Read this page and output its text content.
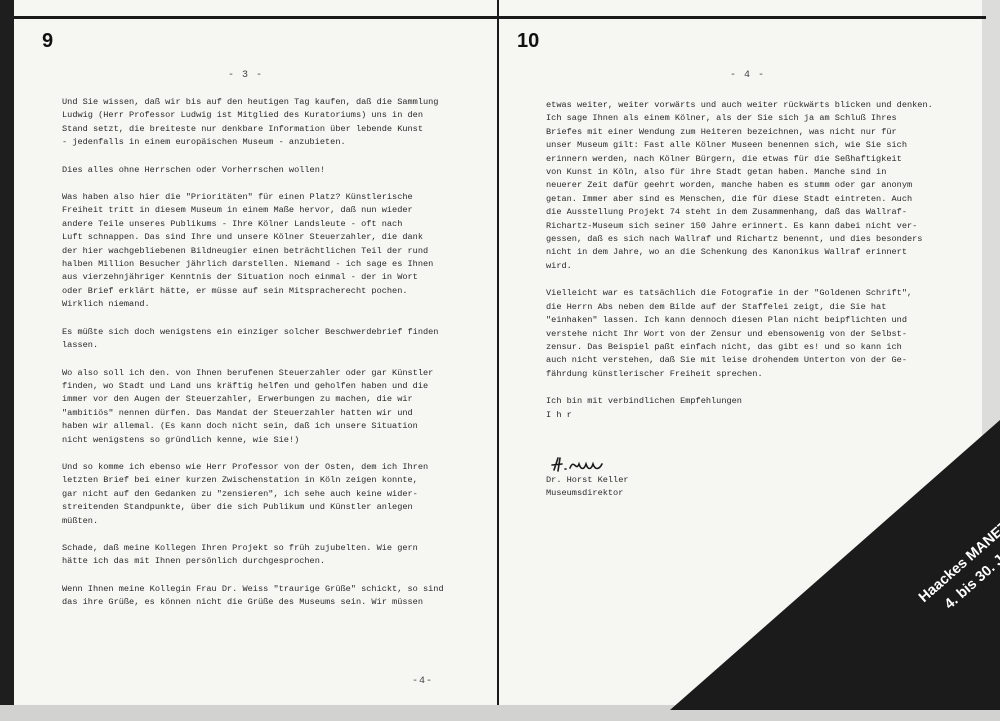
9	10
- 3 -	- 4 -

Und Sie wissen, daß wir bis auf den heutigen Tag kaufen, daß die Sammlung
Ludwig (Herr Professor Ludwig ist Mitglied des Kuratoriums) uns in den
Stand setzt, die breiteste nur denkbare Information über lebende Kunst
- jedenfalls in einem europäischen Museum - anzubieten.

Dies alles ohne Herrschen oder Vorherrschen wollen!

Was haben also hier die "Prioritäten" für einen Platz? Künstlerische
Freiheit tritt in diesem Museum in einem Maße hervor, daß nun wieder
andere Teile unseres Publikums - Ihre Kölner Landsleute - oft nach
Luft schnappen. Das sind Ihre und unsere Kölner Steuerzahler, die dank
der hier wachgebliebenen Bildneugier einen beträchtlichen Teil der rund
halben Million Besucher jährlich darstellen. Niemand - ich sage es Ihnen
aus vierzehnjähriger Kenntnis der Situation noch einmal - der in Wort
oder Brief erklärt hätte, er müsse auf sein Mitspracherecht pochen.
Wirklich niemand.

Es müßte sich doch wenigstens ein einziger solcher Beschwerdebrief finden
lassen.

Wo also soll ich den. von Ihnen berufenen Steuerzahler oder gar Künstler
finden, wo Stadt und Land uns kräftig helfen und geholfen haben und die
immer vor den Augen der Steuerzahler, Erwerbungen zu machen, die wir
"ambitiös" nennen dürfen. Das Mandat der Steuerzahler hatten wir und
haben wir allemal. (Es kann doch nicht sein, daß ich unsere Situation
nicht wenigstens so gründlich kenne, wie Sie!)

Und so komme ich ebenso wie Herr Professor von der Osten, dem ich Ihren
letzten Brief bei einer kurzen Zwischenstation in Köln zeigen konnte,
gar nicht auf den Gedanken zu "zensieren", ich sehe auch keine wider-
streitenden Standpunkte, über die sich Publikum und Künstler anlegen
müßten.

Schade, daß meine Kollegen Ihren Projekt so früh zujubelten. Wie gern
hätte ich das mit Ihnen persönlich durchgesprochen.

Wenn Ihnen meine Kollegin Frau Dr. Weiss "traurige Grüße" schickt, so sind
das ihre Grüße, es können nicht die Grüße des Museums sein. Wir müssen

-4-

etwas weiter, weiter vorwärts und auch weiter rückwärts blicken und denken.
Ich sage Ihnen als einem Kölner, als der Sie sich ja am Schluß Ihres
Briefes mit einer Wendung zum Heiteren bezeichnen, was nicht nur für
unser Museum gilt: Fast alle Kölner Museen benennen sich, wie Sie sich
erinnern werden, nach Kölner Bürgern, die etwas für die Seßhaftigkeit
von Kunst in Köln, also für ihre Stadt getan haben. Manche sind in
neuerer Zeit dafür geehrt worden, manche haben es stumm oder gar anonym
getan. Immer aber sind es Menschen, die für diese Stadt eintreten. Auch
die Ausstellung Projekt 74 steht in dem Zusammenhang, daß das Wallraf-
Richartz-Museum sich seiner 150 Jahre erinnert. Es kann dabei nicht ver-
gessen, daß es sich nach Wallraf und Richartz benennt, und dies besonders
nicht in dem Jahre, wo an die Schenkung des Kanonikus Wallraf erinnert
wird.

Vielleicht war es tatsächlich die Fotografie in der "Goldenen Schrift",
die Herrn Abs neben dem Bilde auf der Staffelei zeigt, die Sie hat
"einhaken" lassen. Ich kann dennoch diesen Plan nicht beipflichten und
verstehe nicht Ihr Wort von der Zensur und ebensowenig von der Selbst-
zensur. Das Beispiel paßt einfach nicht, das gibt es! und so kann ich
auch nicht verstehen, daß Sie mit leise drohendem Unterton von der Ge-
fährdung künstlerischer Freiheit sprechen.

Ich bin mit verbindlichen Empfehlungen
I h r

Dr. Horst Keller
Museumsdirektor
